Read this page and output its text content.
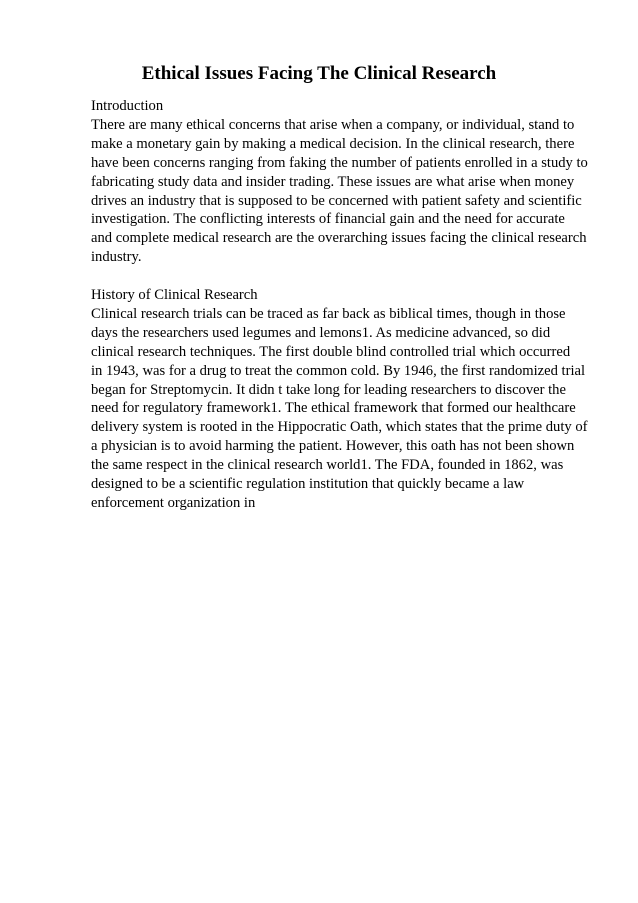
Ethical Issues Facing The Clinical Research
Introduction
There are many ethical concerns that arise when a company, or individual, stand to
make a monetary gain by making a medical decision. In the clinical research, there
have been concerns ranging from faking the number of patients enrolled in a study to
fabricating study data and insider trading. These issues are what arise when money
drives an industry that is supposed to be concerned with patient safety and scientific
investigation. The conflicting interests of financial gain and the need for accurate
and complete medical research are the overarching issues facing the clinical research
industry.
History of Clinical Research
Clinical research trials can be traced as far back as biblical times, though in those
days the researchers used legumes and lemons1. As medicine advanced, so did
clinical research techniques. The first double blind controlled trial which occurred
in 1943, was for a drug to treat the common cold. By 1946, the first randomized trial
began for Streptomycin. It didn t take long for leading researchers to discover the
need for regulatory framework1. The ethical framework that formed our healthcare
delivery system is rooted in the Hippocratic Oath, which states that the prime duty of
a physician is to avoid harming the patient. However, this oath has not been shown
the same respect in the clinical research world1. The FDA, founded in 1862, was
designed to be a scientific regulation institution that quickly became a law
enforcement organization in
